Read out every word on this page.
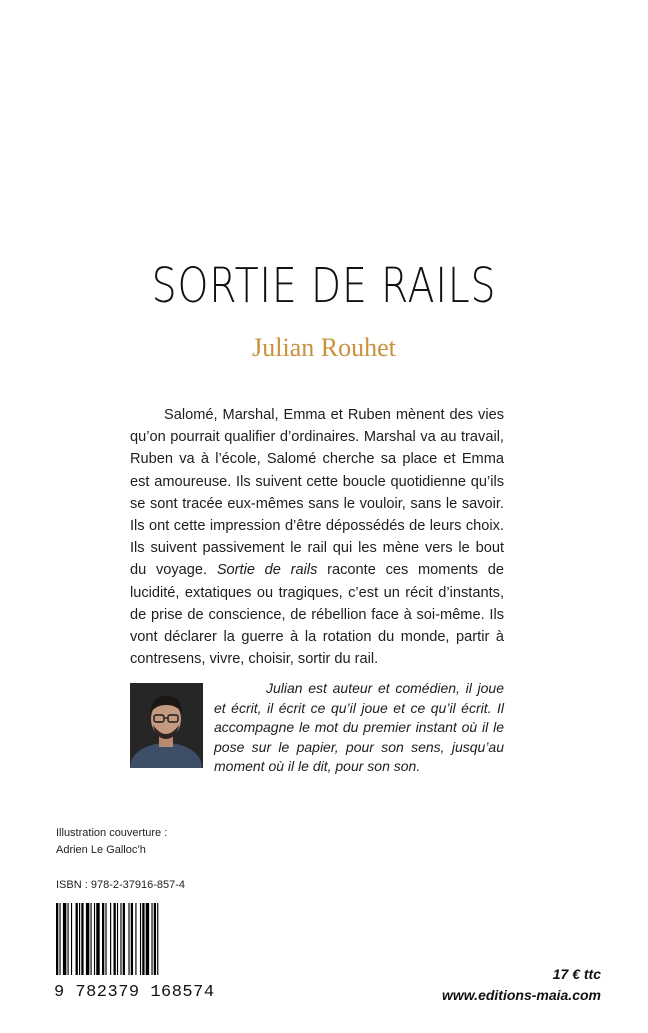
SORTIE DE RAILS
Julian Rouhet

Salomé, Marshal, Emma et Ruben mènent des vies qu’on pourrait qualifier d’ordinaires. Marshal va au travail, Ruben va à l’école, Salomé cherche sa place et Emma est amoureuse. Ils suivent cette boucle quotidienne qu’ils se sont tracée eux-mêmes sans le vouloir, sans le savoir. Ils ont cette impression d’être dépossédés de leurs choix. Ils suivent passivement le rail qui les mène vers le bout du voyage. Sortie de rails raconte ces moments de lucidité, extatiques ou tragiques, c’est un récit d’instants, de prise de conscience, de rébellion face à soi-même. Ils vont déclarer la guerre à la rotation du monde, partir à contresens, vivre, choisir, sortir du rail.

Julian est auteur et comédien, il joue et écrit, il écrit ce qu’il joue et ce qu’il écrit. Il accompagne le mot du premier instant où il le pose sur le papier, pour son sens, jusqu’au moment où il le dit, pour son son.

Illustration couverture :
Adrien Le Galloc’h
ISBN : 978-2-37916-857-4
9 782379 168574
17 € ttc
www.editions-maia.com
